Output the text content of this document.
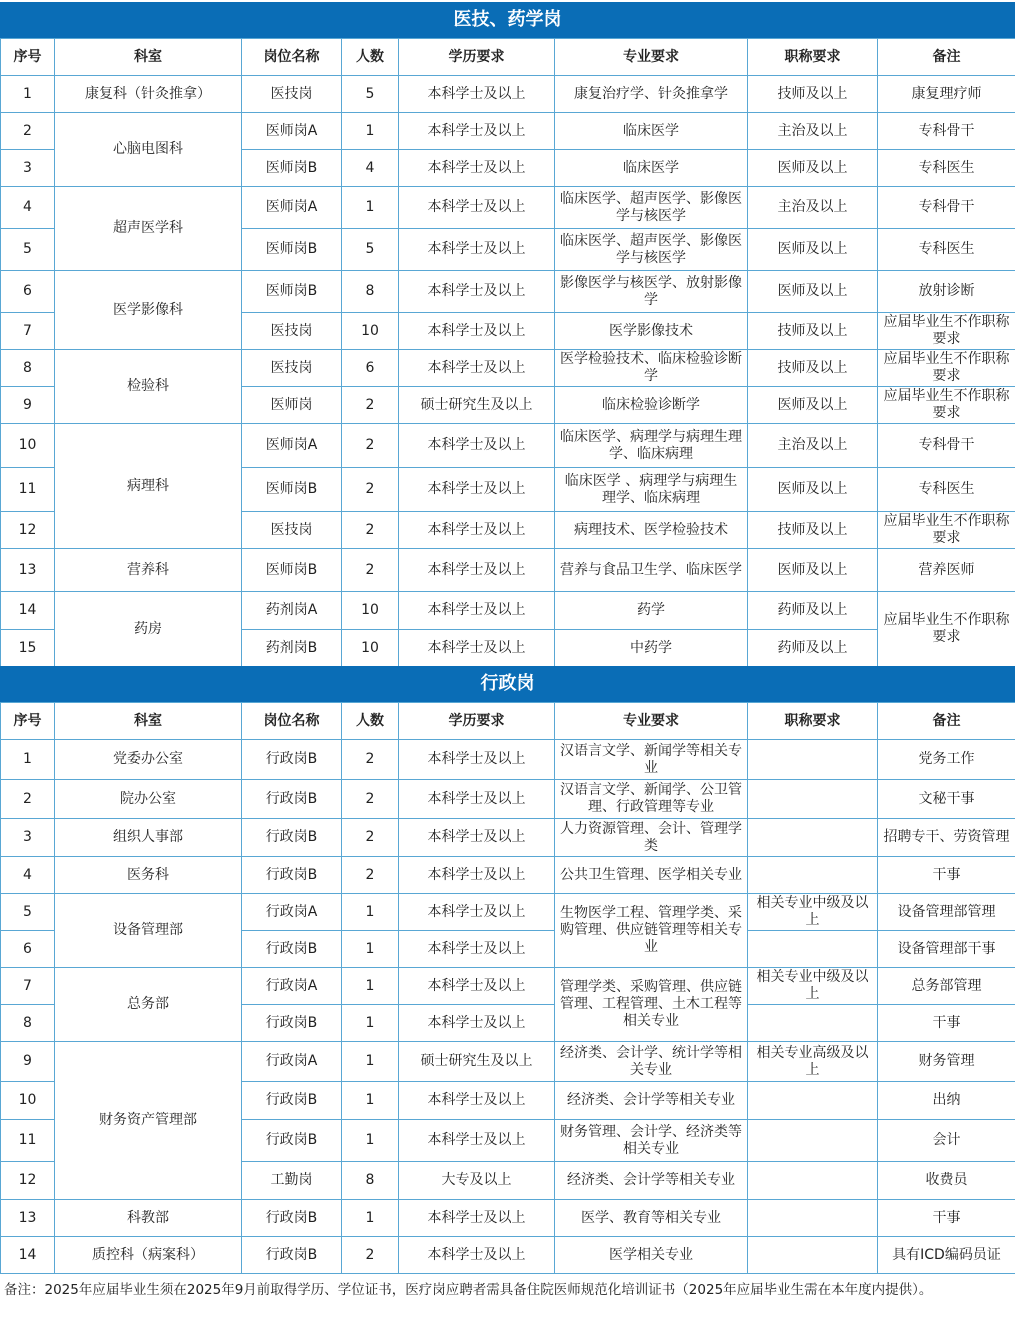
医技、药学岗
序号	科室	岗位名称	人数	学历要求	专业要求	职称要求	备注
1	康复科（针灸推拿）	医技岗	5	本科学士及以上	康复治疗学、针灸推拿学	技师及以上	康复理疗师
2	心脑电图科	医师岗A	1	本科学士及以上	临床医学	主治及以上	专科骨干
3		医师岗B	4	本科学士及以上	临床医学	医师及以上	专科医生
4	超声医学科	医师岗A	1	本科学士及以上	临床医学、超声医学、影像医学与核医学	主治及以上	专科骨干
5		医师岗B	5	本科学士及以上	临床医学、超声医学、影像医学与核医学	医师及以上	专科医生
6	医学影像科	医师岗B	8	本科学士及以上	影像医学与核医学、放射影像学	医师及以上	放射诊断
7		医技岗	10	本科学士及以上	医学影像技术	技师及以上	应届毕业生不作职称要求
8	检验科	医技岗	6	本科学士及以上	医学检验技术、临床检验诊断学	技师及以上	应届毕业生不作职称要求
9		医师岗	2	硕士研究生及以上	临床检验诊断学	医师及以上	应届毕业生不作职称要求
10	病理科	医师岗A	2	本科学士及以上	临床医学、病理学与病理生理学、临床病理	主治及以上	专科骨干
11		医师岗B	2	本科学士及以上	临床医学 、病理学与病理生理学、临床病理	医师及以上	专科医生
12		医技岗	2	本科学士及以上	病理技术、医学检验技术	技师及以上	应届毕业生不作职称要求
13	营养科	医师岗B	2	本科学士及以上	营养与食品卫生学、临床医学	医师及以上	营养医师
14	药房	药剂岗A	10	本科学士及以上	药学	药师及以上	应届毕业生不作职称要求
15		药剂岗B	10	本科学士及以上	中药学	药师及以上	
行政岗
序号	科室	岗位名称	人数	学历要求	专业要求	职称要求	备注
1	党委办公室	行政岗B	2	本科学士及以上	汉语言文学、新闻学等相关专业		党务工作
2	院办公室	行政岗B	2	本科学士及以上	汉语言文学、新闻学、公卫管理、行政管理等专业		文秘干事
3	组织人事部	行政岗B	2	本科学士及以上	人力资源管理、会计、管理学类		招聘专干、劳资管理
4	医务科	行政岗B	2	本科学士及以上	公共卫生管理、医学相关专业		干事
5	设备管理部	行政岗A	1	本科学士及以上	生物医学工程、管理学类、采购管理、供应链管理等相关专业	相关专业中级及以上	设备管理部管理
6		行政岗B	1	本科学士及以上			设备管理部干事
7	总务部	行政岗A	1	本科学士及以上	管理学类、采购管理、供应链管理、工程管理、土木工程等相关专业	相关专业中级及以上	总务部管理
8		行政岗B	1	本科学士及以上			干事
9	财务资产管理部	行政岗A	1	硕士研究生及以上	经济类、会计学、统计学等相关专业	相关专业高级及以上	财务管理
10		行政岗B	1	本科学士及以上	经济类、会计学等相关专业		出纳
11		行政岗B	1	本科学士及以上	财务管理、会计学、经济类等相关专业		会计
12		工勤岗	8	大专及以上	经济类、会计学等相关专业		收费员
13	科教部	行政岗B	1	本科学士及以上	医学、教育等相关专业		干事
14	质控科（病案科）	行政岗B	2	本科学士及以上	医学相关专业		具有ICD编码员证
备注：2025年应届毕业生须在2025年9月前取得学历、学位证书，医疗岗应聘者需具备住院医师规范化培训证书（2025年应届毕业生需在本年度内提供）。
